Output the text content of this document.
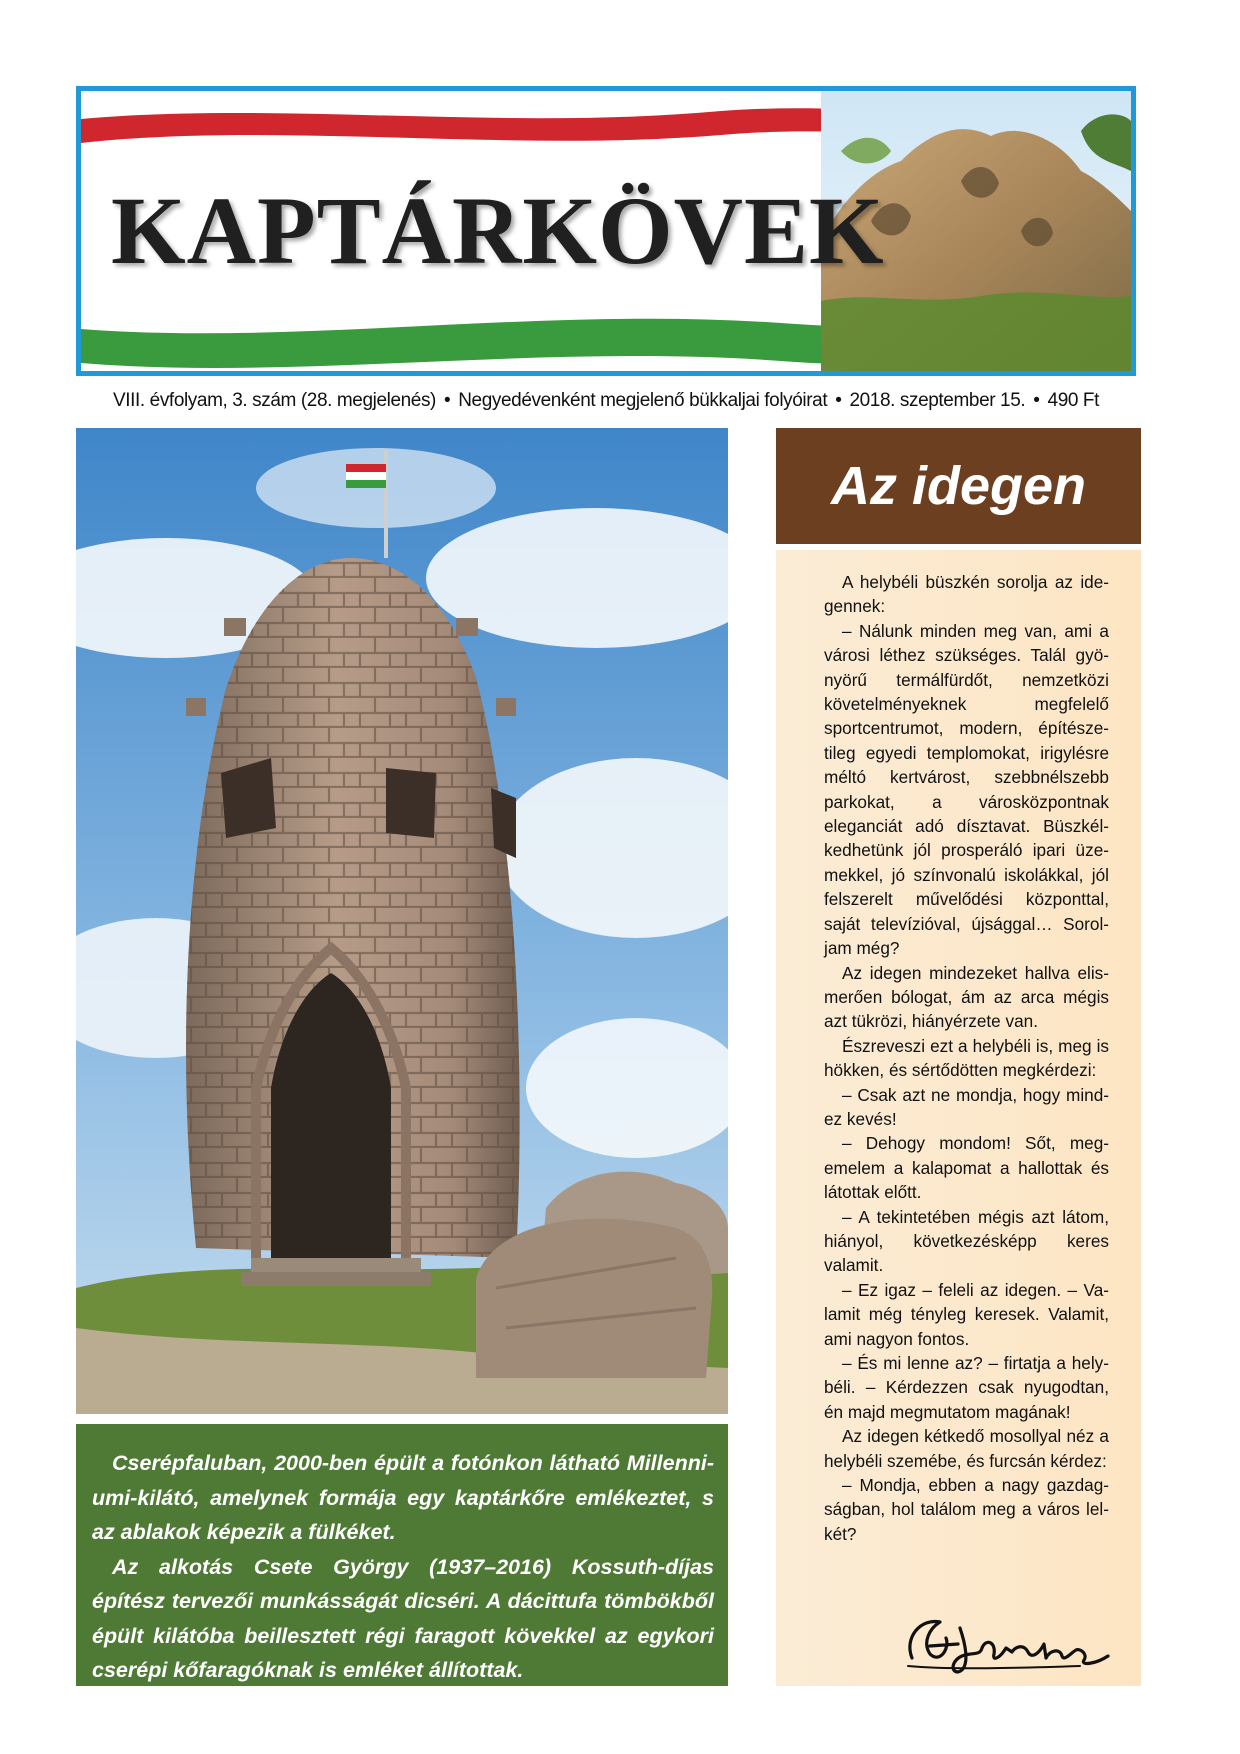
KAPTÁRKÖVEK
VIII. évfolyam, 3. szám (28. megjelenés) • Negyedévenként megjelenő bükkaljai folyóirat • 2018. szeptember 15. • 490 Ft

Cserépfaluban, 2000-ben épült a fotónkon látható Millenniumi-kilátó, amelynek formája egy kaptárkőre emlékeztet, s az ablakok képezik a fülkéket.

Az alkotás Csete György (1937–2016) Kossuth-díjas építész tervezői munkásságát dicséri. A dácittufa tömbökből épült kilátóba beillesztett régi faragott kövekkel az egykori cserépi kőfaragóknak is emléket állítottak.

Az idegen

A helybéli büszkén sorolja az idegennek:

– Nálunk minden meg van, ami a városi léthez szükséges. Talál gyönyörű termálfürdőt, nemzetközi követelményeknek megfelelő sportcentrumot, modern, építészetileg egyedi templomokat, irigylésre méltó kertvárost, szebbnélszebb parkokat, a városközpontnak eleganciát adó dísztavat. Büszkélkedhetünk jól prosperáló ipari üzemekkel, jó színvonalú iskolákkal, jól felszerelt művelődési központtal, saját televízióval, újsággal… Soroljam még?

Az idegen mindezeket hallva elismerően bólogat, ám az arca mégis azt tükrözi, hiányérzete van.

Észreveszi ezt a helybéli is, meg is hökken, és sértődötten megkérdezi:

– Csak azt ne mondja, hogy mindez kevés!

– Dehogy mondom! Sőt, megemelem a kalapomat a hallottak és látottak előtt.

– A tekintetében mégis azt látom, hiányol, következésképp keres valamit.

– Ez igaz – feleli az idegen. – Valamit még tényleg keresek. Valamit, ami nagyon fontos.

– És mi lenne az? – firtatja a helybéli. – Kérdezzen csak nyugodtan, én majd megmutatom magának!

Az idegen kétkedő mosollyal néz a helybéli szemébe, és furcsán kérdez:

– Mondja, ebben a nagy gazdagságban, hol találom meg a város lelkét?
